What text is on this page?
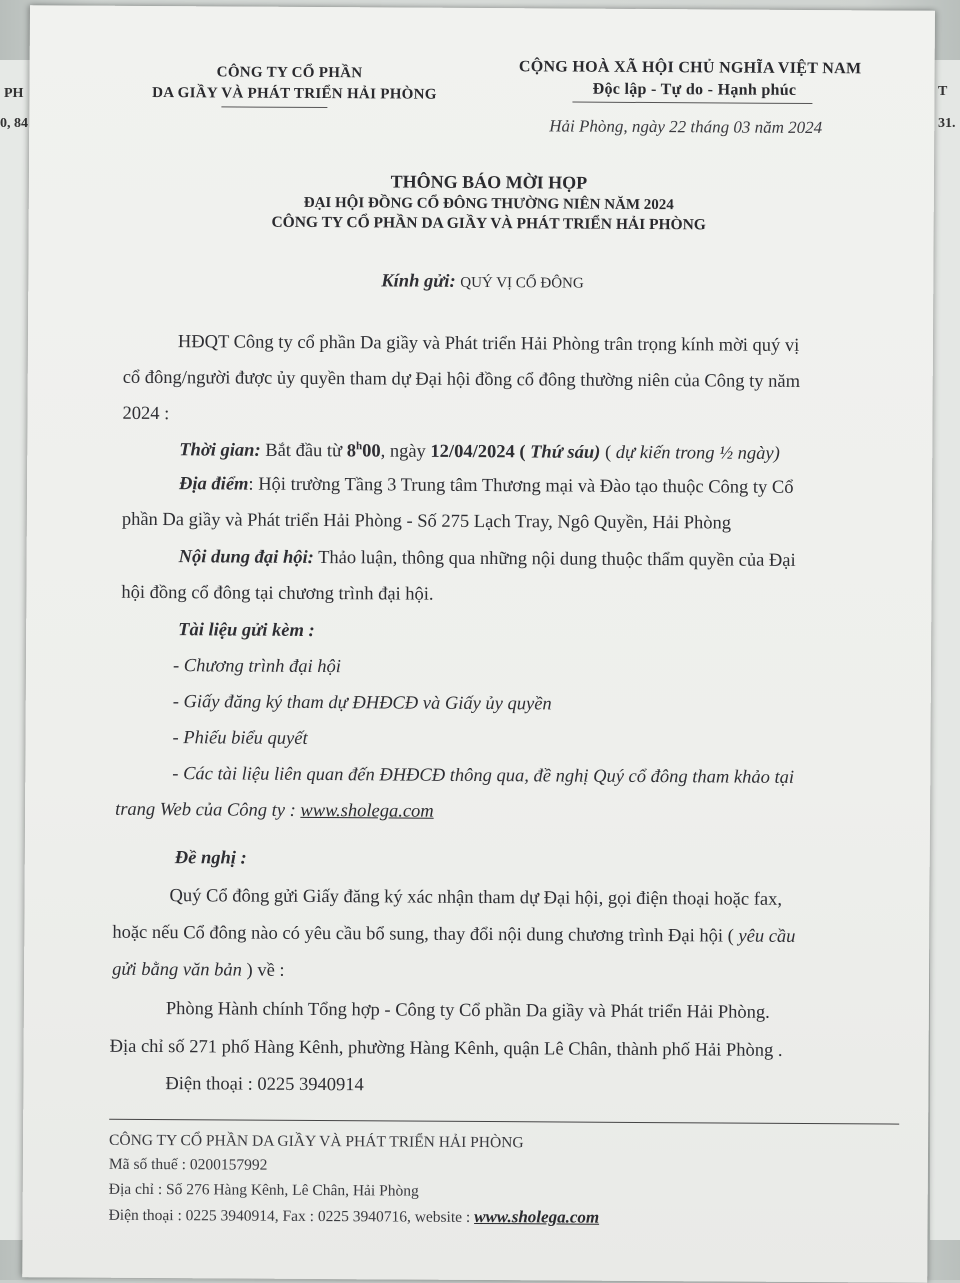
PH
0, 84
T
31.
CÔNG TY CỔ PHẦN
DA GIẦY VÀ PHÁT TRIỂN HẢI PHÒNG
CỘNG HOÀ XÃ HỘI CHỦ NGHĨA VIỆT NAM
Độc lập - Tự do - Hạnh phúc
Hải Phòng, ngày 22 tháng 03 năm 2024
THÔNG BÁO MỜI HỌP
ĐẠI HỘI ĐỒNG CỔ ĐÔNG THƯỜNG NIÊN NĂM 2024
CÔNG TY CỔ PHẦN DA GIẦY VÀ PHÁT TRIỂN HẢI PHÒNG
Kính gửi: QUÝ VỊ CỔ ĐÔNG
HĐQT Công ty cổ phần Da giầy và Phát triển Hải Phòng trân trọng kính mời quý vị
cổ đông/người được ủy quyền tham dự Đại hội đồng cổ đông thường niên của Công ty năm
2024 :
Thời gian: Bắt đầu từ 8$^h$00, ngày 12/04/2024 ( Thứ sáu) ( dự kiến trong ½ ngày)
Địa điểm: Hội trường Tầng 3 Trung tâm Thương mại và Đào tạo thuộc Công ty Cổ
phần Da giầy và Phát triển Hải Phòng - Số 275 Lạch Tray, Ngô Quyền, Hải Phòng
Nội dung đại hội: Thảo luận, thông qua những nội dung thuộc thẩm quyền của Đại
hội đồng cổ đông tại chương trình đại hội.
Tài liệu gửi kèm :
- Chương trình đại hội
- Giấy đăng ký tham dự ĐHĐCĐ và Giấy ủy quyền
- Phiếu biểu quyết
- Các tài liệu liên quan đến ĐHĐCĐ thông qua, đề nghị Quý cổ đông tham khảo tại
trang Web của Công ty : www.sholega.com
Đề nghị :
Quý Cổ đông gửi Giấy đăng ký xác nhận tham dự Đại hội, gọi điện thoại hoặc fax,
hoặc nếu Cổ đông nào có yêu cầu bổ sung, thay đổi nội dung chương trình Đại hội ( yêu cầu
gửi bằng văn bản ) về :
Phòng Hành chính Tổng hợp - Công ty Cổ phần Da giầy và Phát triển Hải Phòng.
Địa chỉ số 271 phố Hàng Kênh, phường Hàng Kênh, quận Lê Chân, thành phố Hải Phòng .
Điện thoại : 0225 3940914
CÔNG TY CỔ PHẦN DA GIẦY VÀ PHÁT TRIỂN HẢI PHÒNG
Mã số thuế : 0200157992
Địa chỉ : Số 276 Hàng Kênh, Lê Chân, Hải Phòng
Điện thoại : 0225 3940914, Fax : 0225 3940716, website : www.sholega.com
